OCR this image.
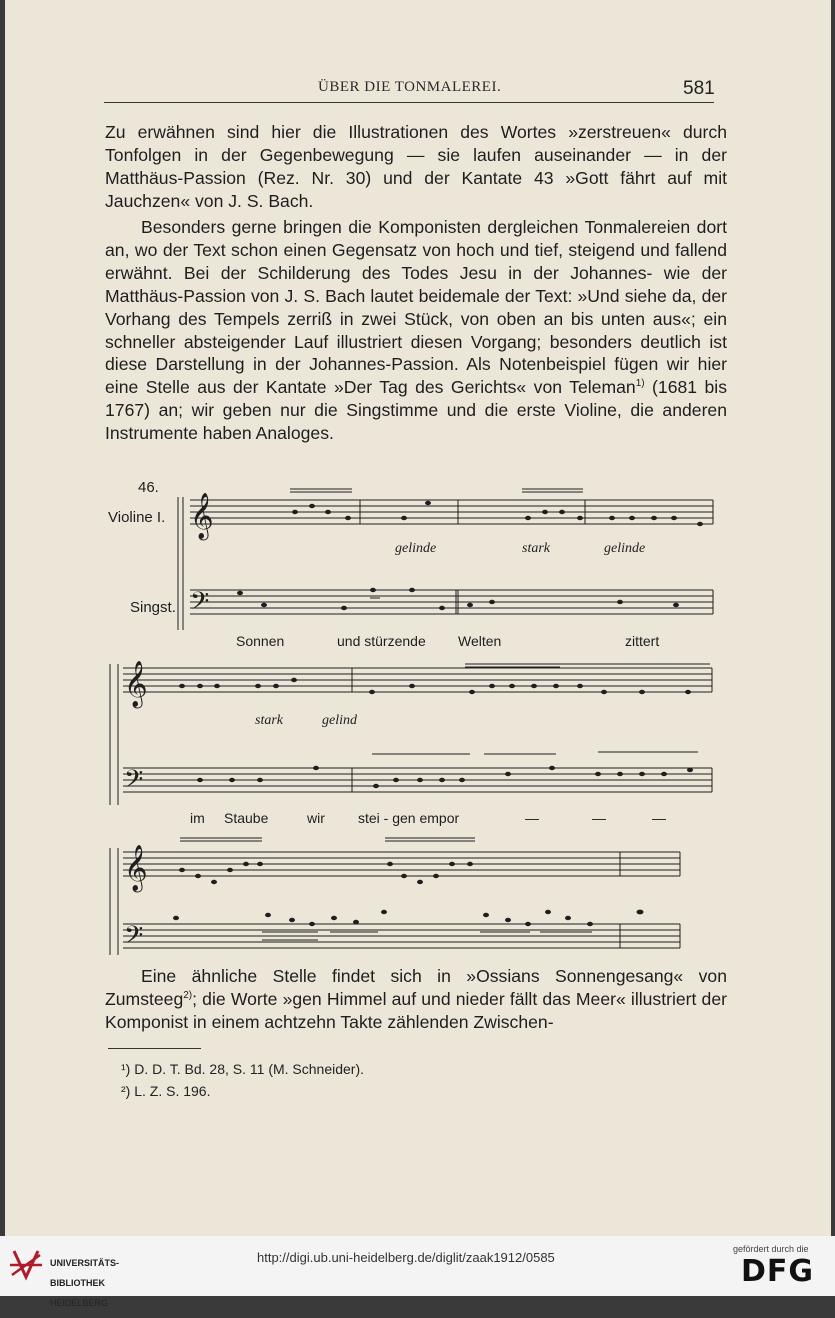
ÜBER DIE TONMALEREI.	581

Zu erwähnen sind hier die Illustrationen des Wortes »zerstreuen« durch Tonfolgen in der Gegenbewegung — sie laufen auseinander — in der Matthäus-Passion (Rez. Nr. 30) und der Kantate 43 »Gott fährt auf mit Jauchzen« von J. S. Bach.

Besonders gerne bringen die Komponisten dergleichen Tonmalereien dort an, wo der Text schon einen Gegensatz von hoch und tief, steigend und fallend erwähnt. Bei der Schilderung des Todes Jesu in der Johannes- wie der Matthäus-Passion von J. S. Bach lautet beidemale der Text: »Und siehe da, der Vorhang des Tempels zerriß in zwei Stück, von oben an bis unten aus«; ein schneller absteigender Lauf illustriert diesen Vorgang; besonders deutlich ist diese Darstellung in der Johannes-Passion. Als Notenbeispiel fügen wir hier eine Stelle aus der Kantate »Der Tag des Gerichts« von Teleman$^{1)}$ (1681 bis 1767) an; wir geben nur die Singstimme und die erste Violine, die anderen Instrumente haben Analoges.

𝄞
𝄢
𝄞
𝄢
𝄞
𝄢
46.
Violine I.
Singst.
gelinde	stark	gelinde
Sonnen	und stürzende Welten	zittert
stark	gelind
im Staube	wir stei - gen empor	—	—	—

Eine ähnliche Stelle findet sich in »Ossians Sonnengesang« von Zumsteeg$^{2)}$; die Worte »gen Himmel auf und nieder fällt das Meer« illustriert der Komponist in einem achtzehn Takte zählenden Zwischen-

¹) D. D. T. Bd. 28, S. 11 (M. Schneider).
²) L. Z. S. 196.

UNIVERSITÄTS-

BIBLIOTHEK

HEIDELBERG

http://digi.ub.uni-heidelberg.de/diglit/zaak1912/0585
gefördert durch die
DFG
